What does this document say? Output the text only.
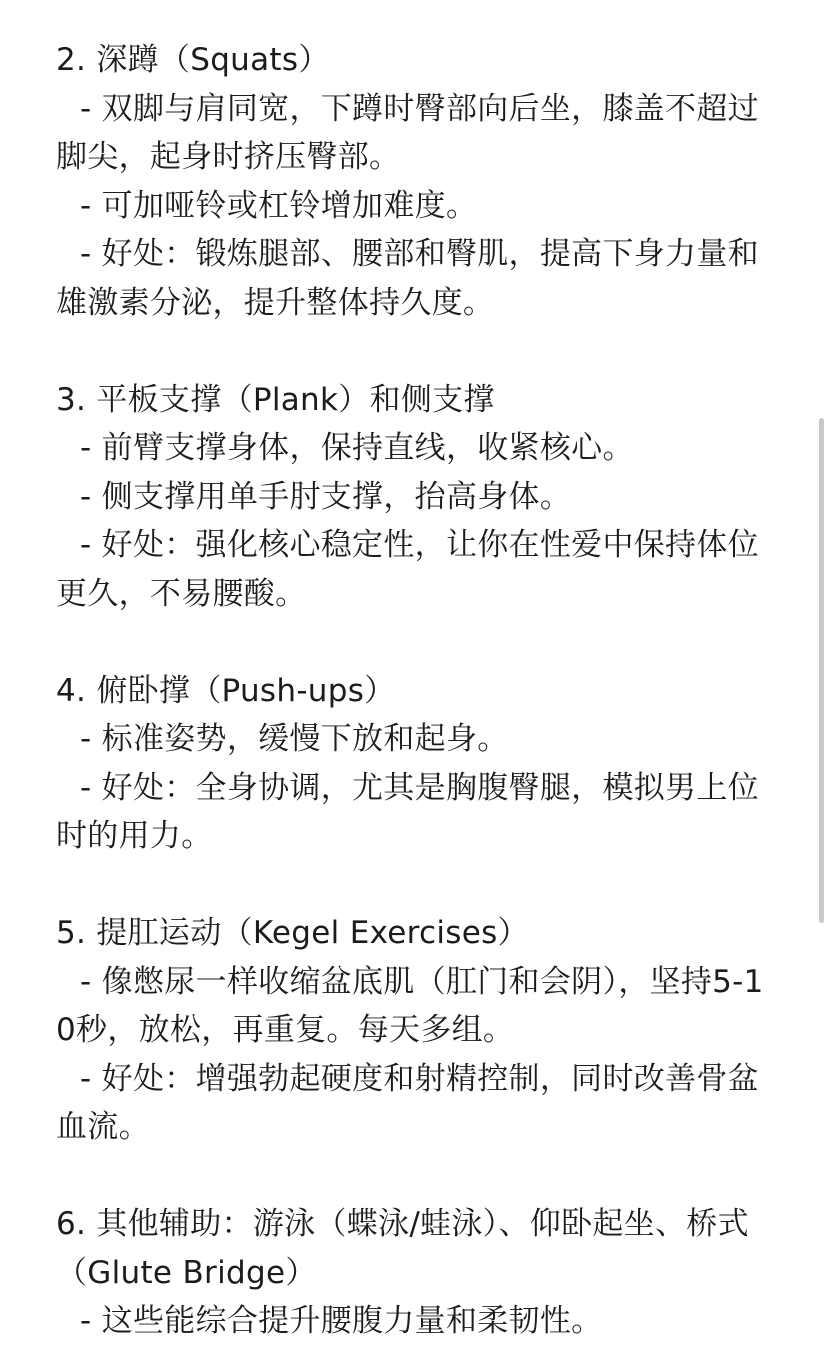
2. 深蹲（Squats）
- 双脚与肩同宽，下蹲时臀部向后坐，膝盖不超过脚尖，起身时挤压臀部。
- 可加哑铃或杠铃增加难度。
- 好处：锻炼腿部、腰部和臀肌，提高下身力量和雄激素分泌，提升整体持久度。
3. 平板支撑（Plank）和侧支撑
- 前臂支撑身体，保持直线，收紧核心。
- 侧支撑用单手肘支撑，抬高身体。
- 好处：强化核心稳定性，让你在性爱中保持体位更久，不易腰酸。
4. 俯卧撑（Push-ups）
- 标准姿势，缓慢下放和起身。
- 好处：全身协调，尤其是胸腹臀腿，模拟男上位时的用力。
5. 提肛运动（Kegel Exercises）
- 像憋尿一样收缩盆底肌（肛门和会阴），坚持5-10秒，放松，再重复。每天多组。
- 好处：增强勃起硬度和射精控制，同时改善骨盆血流。
6. 其他辅助：游泳（蝶泳/蛙泳）、仰卧起坐、桥式（Glute Bridge）
- 这些能综合提升腰腹力量和柔韧性。
